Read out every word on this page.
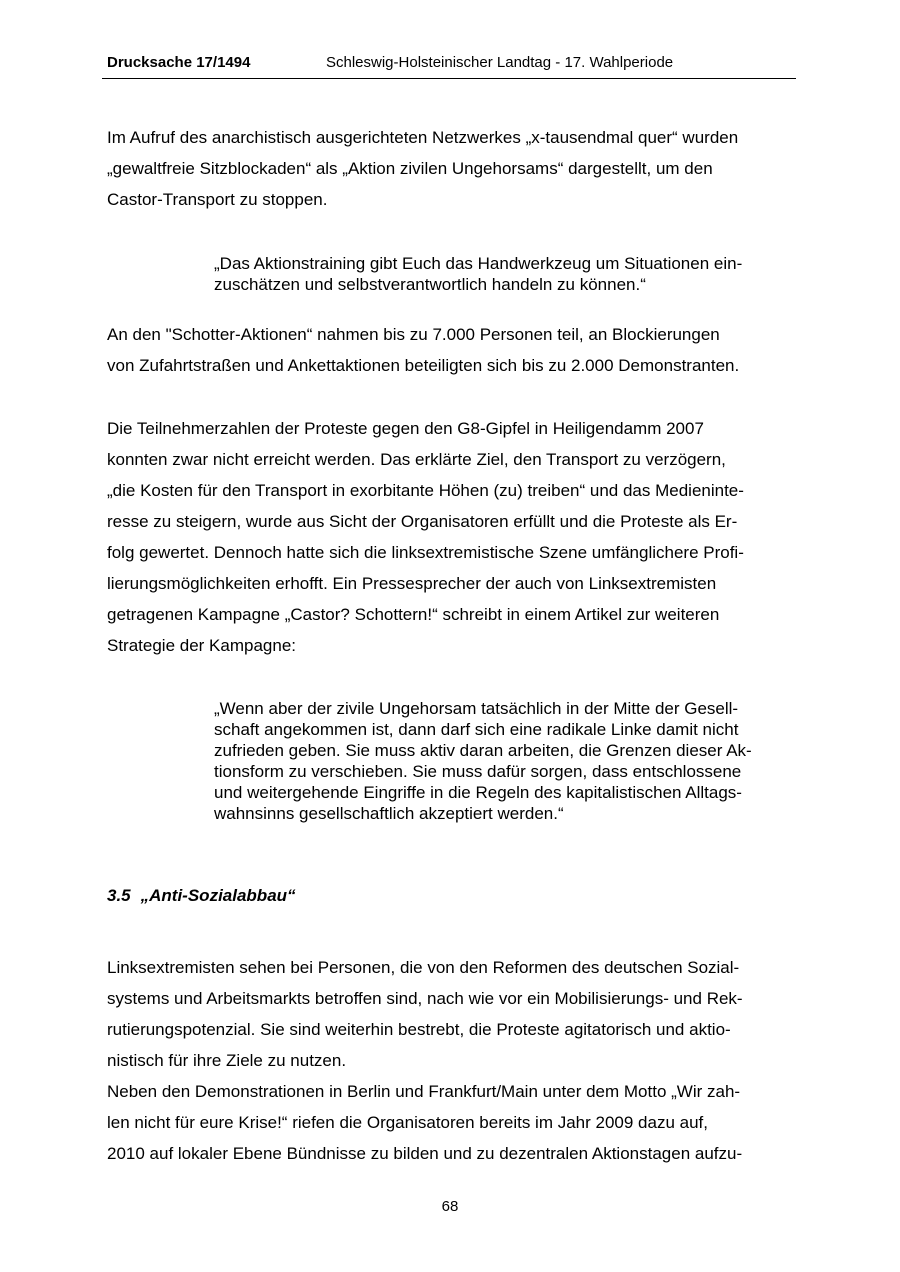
Drucksache 17/1494	Schleswig-Holsteinischer Landtag - 17. Wahlperiode
Im Aufruf des anarchistisch ausgerichteten Netzwerkes „x-tausendmal quer“ wurden
„gewaltfreie Sitzblockaden“ als „Aktion zivilen Ungehorsams“ dargestellt, um den
Castor-Transport zu stoppen.
„Das Aktionstraining gibt Euch das Handwerkzeug um Situationen ein-
zuschätzen und selbstverantwortlich handeln zu können.“
An den "Schotter-Aktionen“ nahmen bis zu 7.000 Personen teil, an Blockierungen
von Zufahrtstraßen und Ankettaktionen beteiligten sich bis zu 2.000 Demonstranten.
Die Teilnehmerzahlen der Proteste gegen den G8-Gipfel in Heiligendamm 2007
konnten zwar nicht erreicht werden. Das erklärte Ziel, den Transport zu verzögern,
„die Kosten für den Transport in exorbitante Höhen (zu) treiben“ und das Medieninte-
resse zu steigern, wurde aus Sicht der Organisatoren erfüllt und die Proteste als Er-
folg gewertet. Dennoch hatte sich die linksextremistische Szene umfänglichere Profi-
lierungsmöglichkeiten erhofft. Ein Pressesprecher der auch von Linksextremisten
getragenen Kampagne „Castor? Schottern!“ schreibt in einem Artikel zur weiteren
Strategie der Kampagne:
„Wenn aber der zivile Ungehorsam tatsächlich in der Mitte der Gesell-
schaft angekommen ist, dann darf sich eine radikale Linke damit nicht
zufrieden geben. Sie muss aktiv daran arbeiten, die Grenzen dieser Ak-
tionsform zu verschieben. Sie muss dafür sorgen, dass entschlossene
und weitergehende Eingriffe in die Regeln des kapitalistischen Alltags-
wahnsinns gesellschaftlich akzeptiert werden.“
3.5 „Anti-Sozialabbau“
Linksextremisten sehen bei Personen, die von den Reformen des deutschen Sozial-
systems und Arbeitsmarkts betroffen sind, nach wie vor ein Mobilisierungs- und Rek-
rutierungspotenzial. Sie sind weiterhin bestrebt, die Proteste agitatorisch und aktio-
nistisch für ihre Ziele zu nutzen.
Neben den Demonstrationen in Berlin und Frankfurt/Main unter dem Motto „Wir zah-
len nicht für eure Krise!“ riefen die Organisatoren bereits im Jahr 2009 dazu auf,
2010 auf lokaler Ebene Bündnisse zu bilden und zu dezentralen Aktionstagen aufzu-
68
